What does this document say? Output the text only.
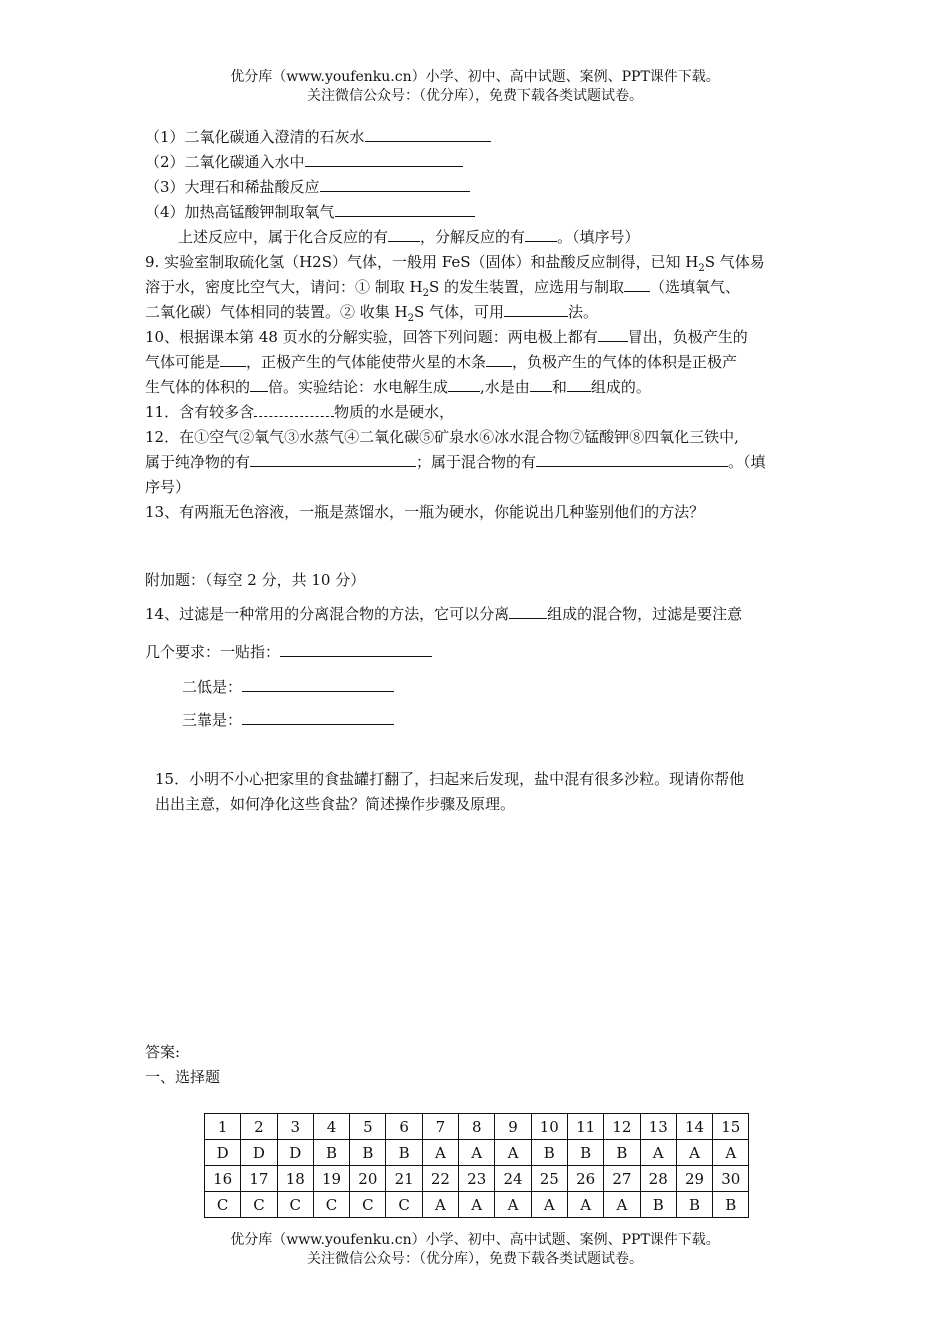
优分库（www.youfenku.cn）小学、初中、高中试题、案例、PPT课件下载。
关注微信公众号：（优分库），免费下载各类试题试卷。
（1）二氧化碳通入澄清的石灰水
（2）二氧化碳通入水中
（3）大理石和稀盐酸反应
（4）加热高锰酸钾制取氧气
上述反应中，属于化合反应的有 ，分解反应的有 。（填序号）
9. 实验室制取硫化氢（H2S）气体，一般用 FeS（固体）和盐酸反应制得，已知 $H_2S$ 气体易
溶于水，密度比空气大，请问：① 制取 $H_2S$ 的发生装置，应选用与制取 （选填氧气、
二氧化碳）气体相同的装置。② 收集 $H_2S$ 气体，可用	法。
10、根据课本第 48 页水的分解实验，回答下列问题：两电极上都有 冒出，负极产生的
气体可能是 ，正极产生的气体能使带火星的木条 ，负极产生的气体的体积是正极产
生气体的体积的 倍。实验结论：水电解生成 ,水是由 和 组成的。
11．含有较多含	物质的水是硬水，
12．在①空气②氧气③水蒸气④二氧化碳⑤矿泉水⑥冰水混合物⑦锰酸钾⑧四氧化三铁中,
属于纯净物的有	；属于混合物的有	。（填
序号）
13、有两瓶无色溶液，一瓶是蒸馏水，一瓶为硬水，你能说出几种鉴别他们的方法？
附加题：（每空 2 分，共 10 分）
14、过滤是一种常用的分离混合物的方法，它可以分离	组成的混合物，过滤是要注意
几个要求：一贴指：
二低是：
三靠是：
15．小明不小心把家里的食盐罐打翻了，扫起来后发现，盐中混有很多沙粒。现请你帮他
出出主意，如何净化这些食盐？简述操作步骤及原理。
答案:
一、选择题
1	2	3	4	5	6	7	8	9	10	11	12	13	14	15
D	D	D	B	B	B	A	A	A	B	B	B	A	A	A
16	17	18	19	20	21	22	23	24	25	26	27	28	29	30
C	C	C	C	C	C	A	A	A	A	A	A	B	B	B
优分库（www.youfenku.cn）小学、初中、高中试题、案例、PPT课件下载。
关注微信公众号：（优分库），免费下载各类试题试卷。
